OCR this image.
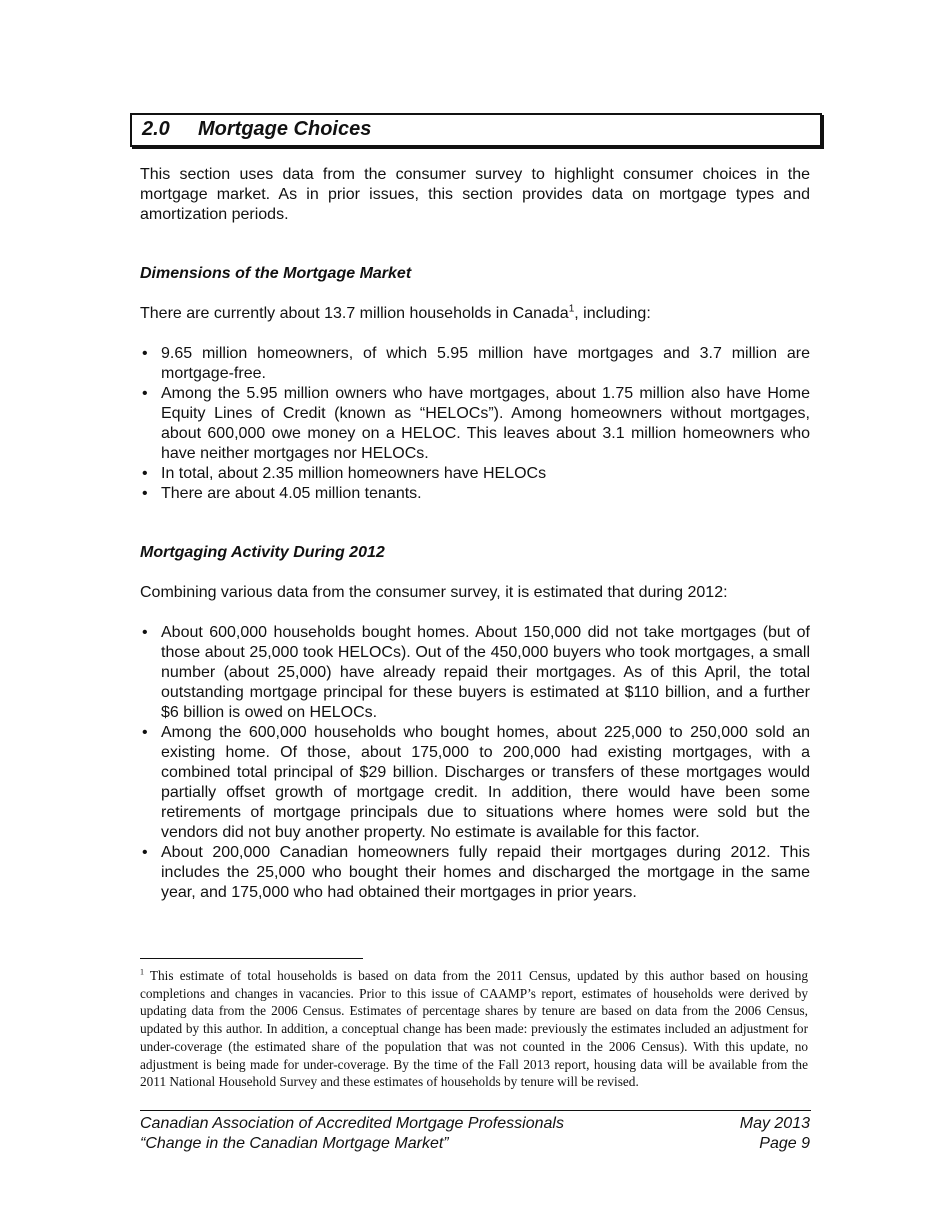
2.0 Mortgage Choices

This section uses data from the consumer survey to highlight consumer choices in the mortgage market. As in prior issues, this section provides data on mortgage types and amortization periods.

Dimensions of the Mortgage Market

There are currently about 13.7 million households in Canada$^1$, including:

• 9.65 million homeowners, of which 5.95 million have mortgages and 3.7 million are mortgage-free.
• Among the 5.95 million owners who have mortgages, about 1.75 million also have Home Equity Lines of Credit (known as “HELOCs”). Among homeowners without mortgages, about 600,000 owe money on a HELOC. This leaves about 3.1 million homeowners who have neither mortgages nor HELOCs.
• In total, about 2.35 million homeowners have HELOCs
• There are about 4.05 million tenants.
Mortgaging Activity During 2012

Combining various data from the consumer survey, it is estimated that during 2012:

• About 600,000 households bought homes. About 150,000 did not take mortgages (but of those about 25,000 took HELOCs). Out of the 450,000 buyers who took mortgages, a small number (about 25,000) have already repaid their mortgages. As of this April, the total outstanding mortgage principal for these buyers is estimated at $110 billion, and a further $6 billion is owed on HELOCs.
• Among the 600,000 households who bought homes, about 225,000 to 250,000 sold an existing home. Of those, about 175,000 to 200,000 had existing mortgages, with a combined total principal of $29 billion. Discharges or transfers of these mortgages would partially offset growth of mortgage credit. In addition, there would have been some retirements of mortgage principals due to situations where homes were sold but the vendors did not buy another property. No estimate is available for this factor.
• About 200,000 Canadian homeowners fully repaid their mortgages during 2012. This includes the 25,000 who bought their homes and discharged the mortgage in the same year, and 175,000 who had obtained their mortgages in prior years.

$^1$ This estimate of total households is based on data from the 2011 Census, updated by this author based on housing completions and changes in vacancies. Prior to this issue of CAAMP’s report, estimates of households were derived by updating data from the 2006 Census. Estimates of percentage shares by tenure are based on data from the 2006 Census, updated by this author. In addition, a conceptual change has been made: previously the estimates included an adjustment for under-coverage (the estimated share of the population that was not counted in the 2006 Census). With this update, no adjustment is being made for under-coverage. By the time of the Fall 2013 report, housing data will be available from the 2011 National Household Survey and these estimates of households by tenure will be revised.

Canadian Association of Accredited Mortgage Professionals
“Change in the Canadian Mortgage Market”
May 2013
Page 9
